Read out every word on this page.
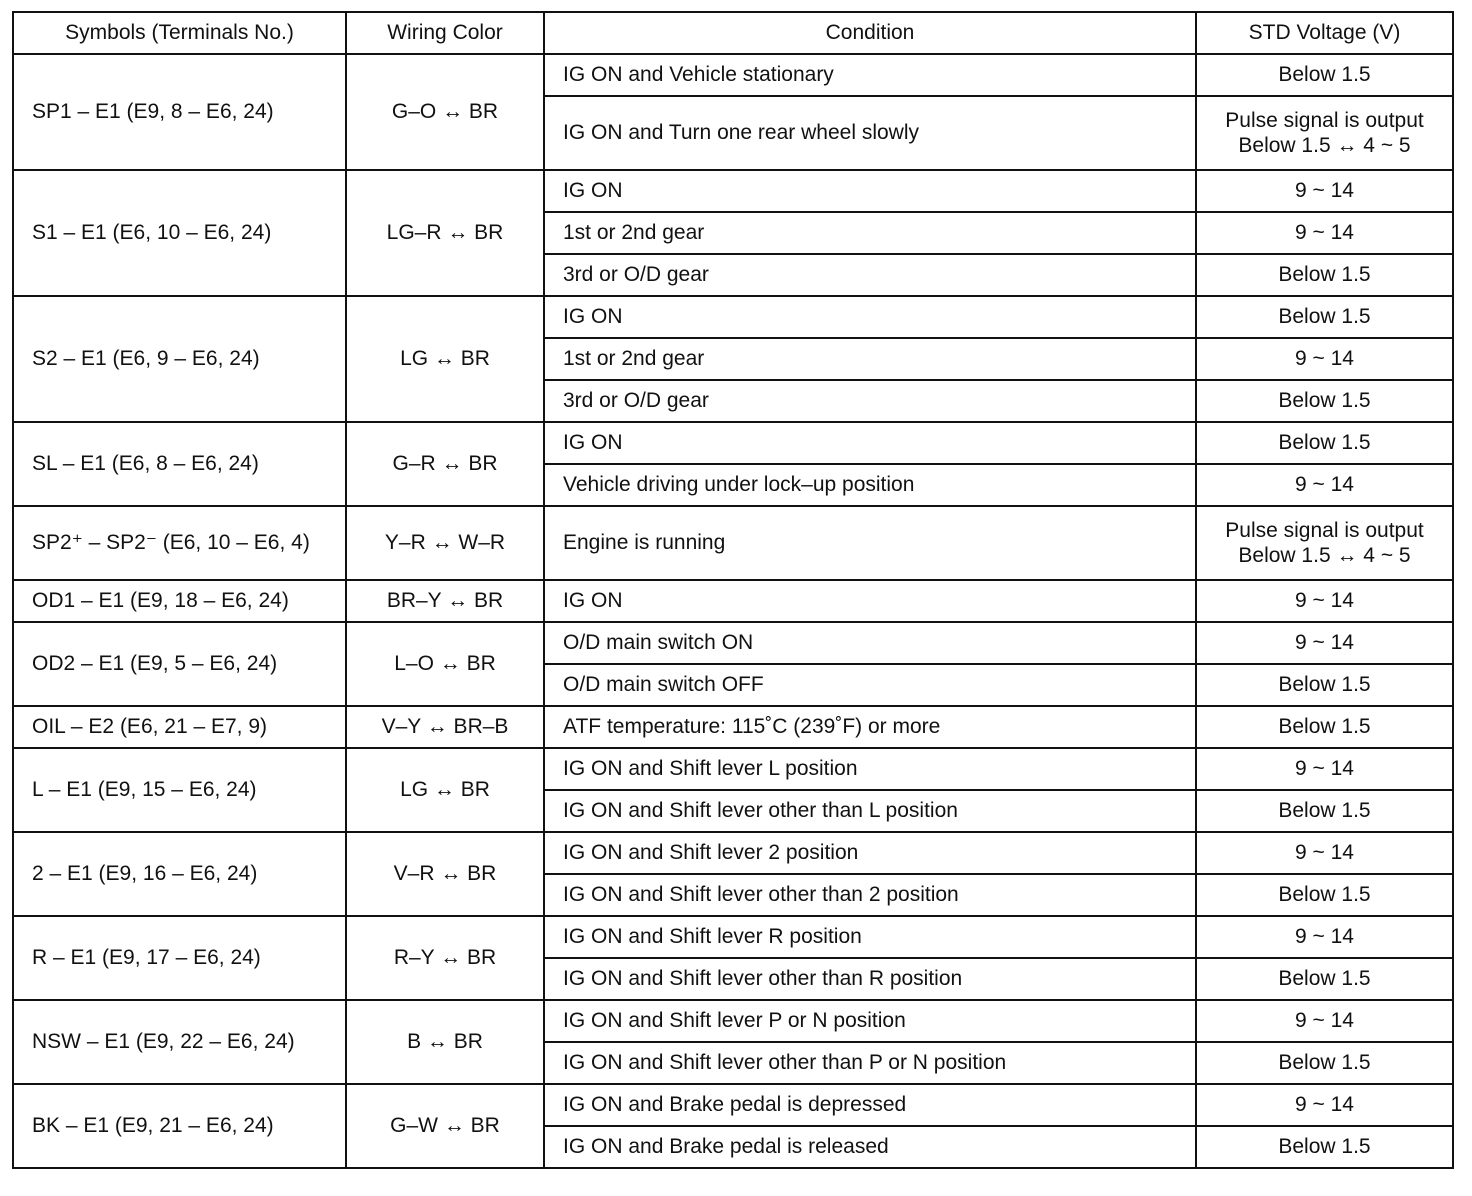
Symbols (Terminals No.)	Wiring Color	Condition	STD Voltage (V)
SP1 – E1 (E9, 8 – E6, 24)	G–O ↔ BR	IG ON and Vehicle stationary	Below 1.5

		IG ON and Turn one rear wheel slowly	Pulse signal is output
Below 1.5 ↔ 4 ~ 5

S1 – E1 (E6, 10 – E6, 24)	LG–R ↔ BR	IG ON	9 ~ 14

		1st or 2nd gear	9 ~ 14

		3rd or O/D gear	Below 1.5

S2 – E1 (E6, 9 – E6, 24)	LG ↔ BR	IG ON	Below 1.5

		1st or 2nd gear	9 ~ 14

		3rd or O/D gear	Below 1.5

SL – E1 (E6, 8 – E6, 24)	G–R ↔ BR	IG ON	Below 1.5

		Vehicle driving under lock–up position	9 ~ 14

SP2⁺ – SP2⁻ (E6, 10 – E6, 4)	Y–R ↔ W–R	Engine is running	Pulse signal is output
Below 1.5 ↔ 4 ~ 5

OD1 – E1 (E9, 18 – E6, 24)	BR–Y ↔ BR	IG ON	9 ~ 14

OD2 – E1 (E9, 5 – E6, 24)	L–O ↔ BR	O/D main switch ON	9 ~ 14

		O/D main switch OFF	Below 1.5

OIL – E2 (E6, 21 – E7, 9)	V–Y ↔ BR–B	ATF temperature: 115˚C (239˚F) or more	Below 1.5

L – E1 (E9, 15 – E6, 24)	LG ↔ BR	IG ON and Shift lever L position	9 ~ 14

		IG ON and Shift lever other than L position	Below 1.5

2 – E1 (E9, 16 – E6, 24)	V–R ↔ BR	IG ON and Shift lever 2 position	9 ~ 14

		IG ON and Shift lever other than 2 position	Below 1.5

R – E1 (E9, 17 – E6, 24)	R–Y ↔ BR	IG ON and Shift lever R position	9 ~ 14

		IG ON and Shift lever other than R position	Below 1.5

NSW – E1 (E9, 22 – E6, 24)	B ↔ BR	IG ON and Shift lever P or N position	9 ~ 14

		IG ON and Shift lever other than P or N position	Below 1.5

BK – E1 (E9, 21 – E6, 24)	G–W ↔ BR	IG ON and Brake pedal is depressed	9 ~ 14

		IG ON and Brake pedal is released	Below 1.5
